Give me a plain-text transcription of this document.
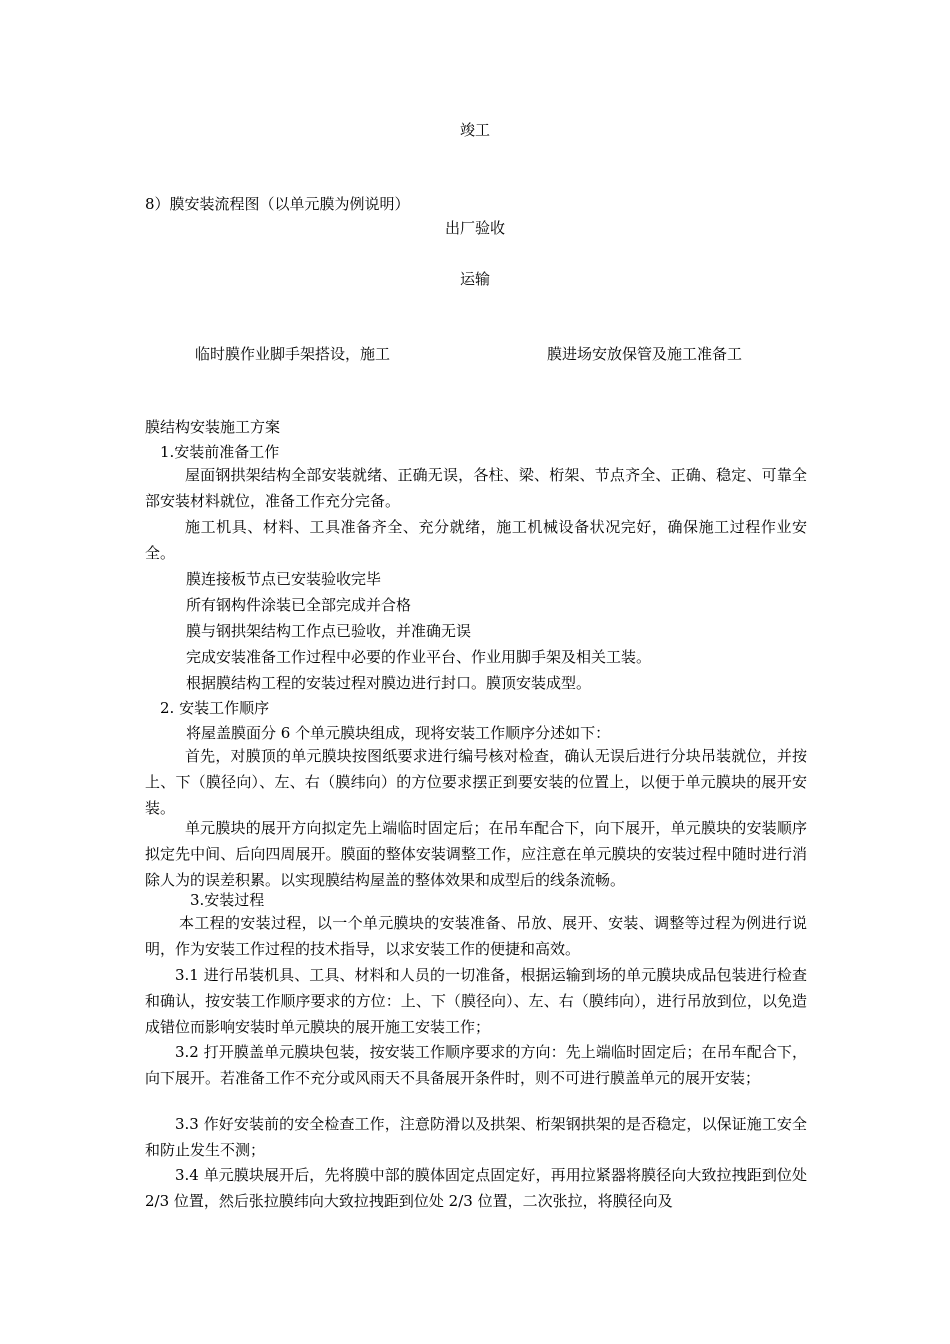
竣工
8）膜安装流程图（以单元膜为例说明）
出厂验收
运输
临时膜作业脚手架搭设，施工	膜进场安放保管及施工准备工
膜结构安装施工方案
1.安装前准备工作
屋面钢拱架结构全部安装就绪、正确无误，各柱、梁、桁架、节点齐全、正确、稳定、可靠全部安装材料就位，准备工作充分完备。
施工机具、材料、工具准备齐全、充分就绪，施工机械设备状况完好，确保施工过程作业安全。
膜连接板节点已安装验收完毕
所有钢构件涂装已全部完成并合格
膜与钢拱架结构工作点已验收，并准确无误
完成安装准备工作过程中必要的作业平台、作业用脚手架及相关工装。
根据膜结构工程的安装过程对膜边进行封口。膜顶安装成型。
2. 安装工作顺序
将屋盖膜面分 6 个单元膜块组成，现将安装工作顺序分述如下：
首先，对膜顶的单元膜块按图纸要求进行编号核对检查，确认无误后进行分块吊装就位，并按上、下（膜径向）、左、右（膜纬向）的方位要求摆正到要安装的位置上，以便于单元膜块的展开安装。
单元膜块的展开方向拟定先上端临时固定后；在吊车配合下，向下展开，单元膜块的安装顺序拟定先中间、后向四周展开。膜面的整体安装调整工作，应注意在单元膜块的安装过程中随时进行消除人为的误差积累。以实现膜结构屋盖的整体效果和成型后的线条流畅。
3.安装过程
本工程的安装过程，以一个单元膜块的安装准备、吊放、展开、安装、调整等过程为例进行说明，作为安装工作过程的技术指导，以求安装工作的便捷和高效。
3.1 进行吊装机具、工具、材料和人员的一切准备，根据运输到场的单元膜块成品包装进行检查和确认，按安装工作顺序要求的方位：上、下（膜径向）、左、右（膜纬向），进行吊放到位，以免造成错位而影响安装时单元膜块的展开施工安装工作；
3.2 打开膜盖单元膜块包装，按安装工作顺序要求的方向：先上端临时固定后；在吊车配合下，向下展开。若准备工作不充分或风雨天不具备展开条件时，则不可进行膜盖单元的展开安装；
3.3 作好安装前的安全检查工作，注意防滑以及拱架、桁架钢拱架的是否稳定，以保证施工安全和防止发生不测；
3.4 单元膜块展开后，先将膜中部的膜体固定点固定好，再用拉紧器将膜径向大致拉拽距到位处 2/3 位置，然后张拉膜纬向大致拉拽距到位处 2/3 位置，二次张拉，将膜径向及
